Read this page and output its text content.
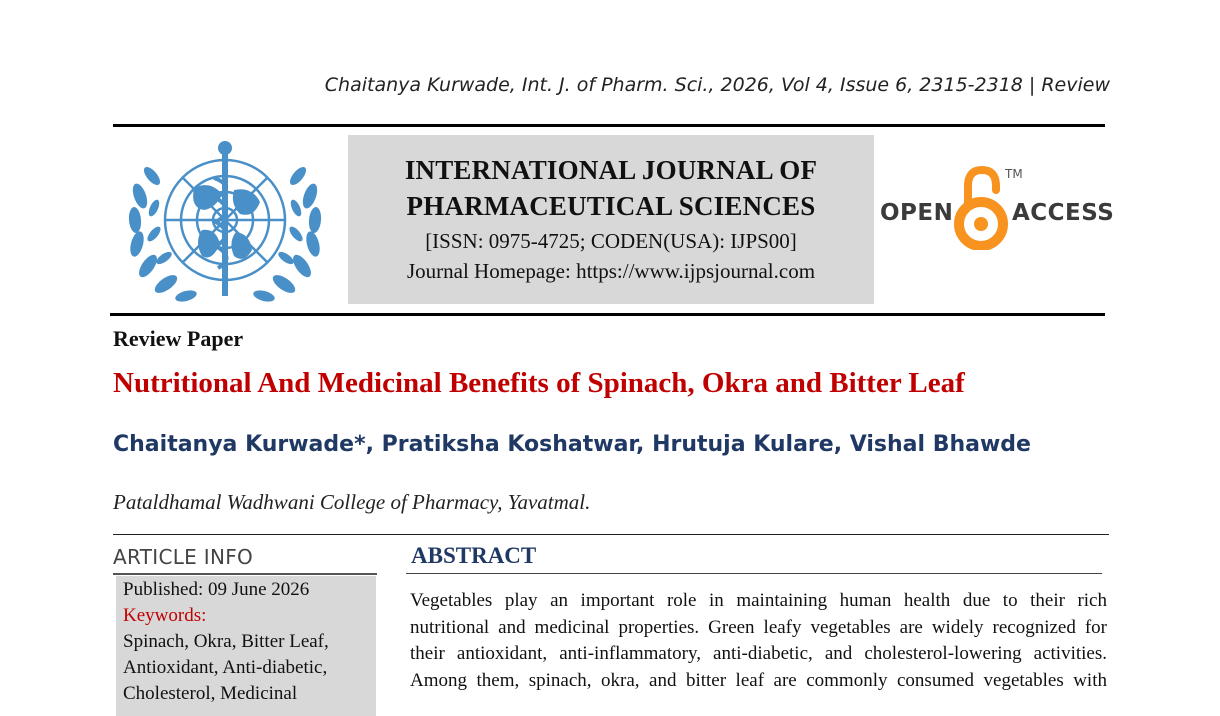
Chaitanya Kurwade, Int. J. of Pharm. Sci., 2026, Vol 4, Issue 6, 2315-2318 | Review
INTERNATIONAL JOURNAL OF
PHARMACEUTICAL SCIENCES
[ISSN: 0975-4725; CODEN(USA): IJPS00]
Journal Homepage: https://www.ijpsjournal.com
OPEN
TM
ACCESS
Review Paper
Nutritional And Medicinal Benefits of Spinach, Okra and Bitter Leaf
Chaitanya Kurwade*, Pratiksha Koshatwar, Hrutuja Kulare, Vishal Bhawde
Pataldhamal Wadhwani College of Pharmacy, Yavatmal.
ARTICLE INFO
Published: 09 June 2026
Keywords:
Spinach, Okra, Bitter Leaf,
Antioxidant, Anti-diabetic,
Cholesterol, Medicinal
ABSTRACT
Vegetables play an important role in maintaining human health due to their rich
nutritional and medicinal properties. Green leafy vegetables are widely recognized for
their antioxidant, anti-inflammatory, anti-diabetic, and cholesterol-lowering activities.
Among them, spinach, okra, and bitter leaf are commonly consumed vegetables with
